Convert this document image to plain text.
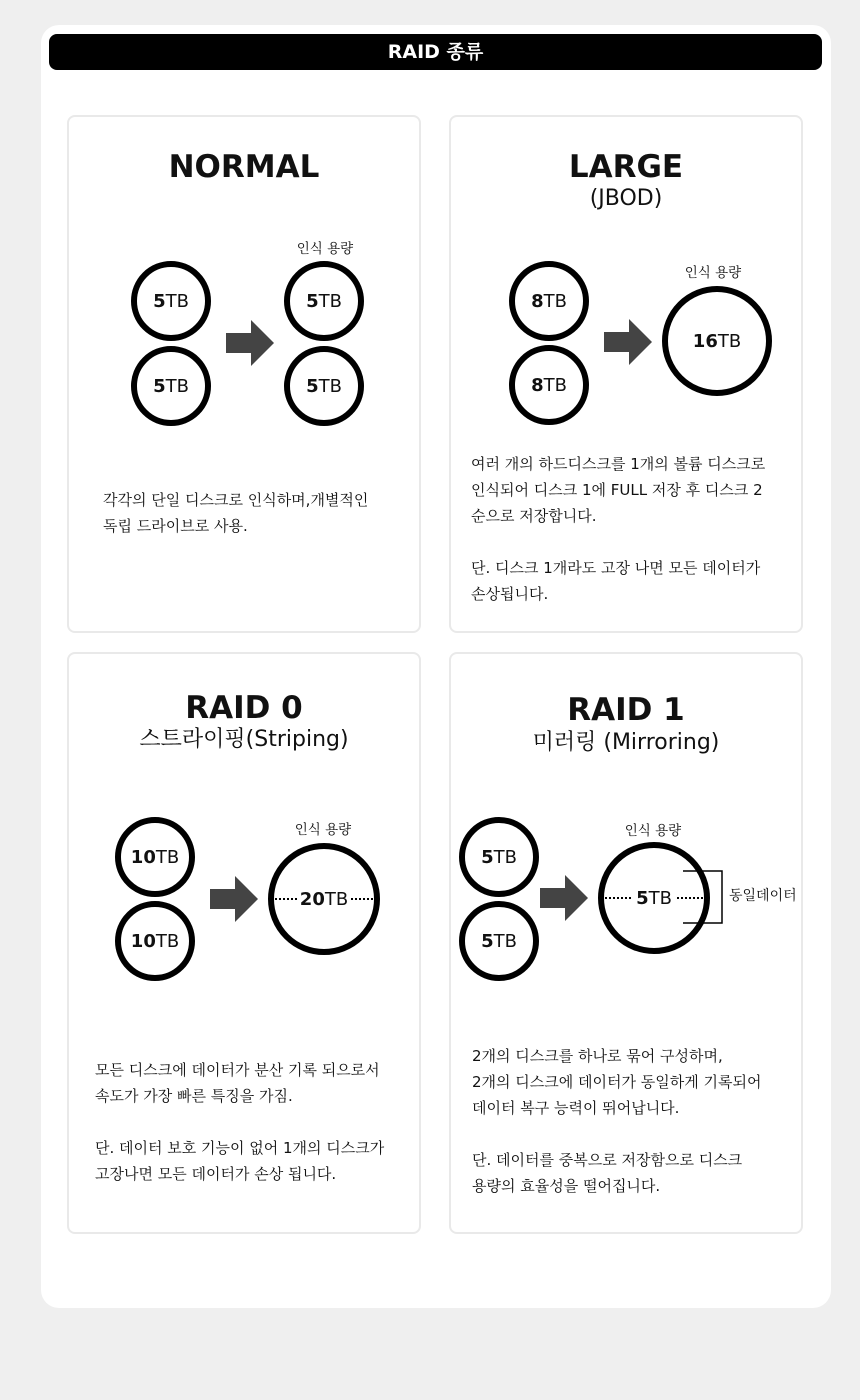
RAID 종류
NORMAL
인식 용량
5 TB
5 TB
5 TB
5 TB
각각의 단일 디스크로 인식하며,개별적인
독립 드라이브로 사용.
LARGE
(JBOD)
인식 용량
8 TB
8 TB
16 TB
여러 개의 하드디스크를 1개의 볼륨 디스크로
인식되어 디스크 1에 FULL 저장 후 디스크 2
순으로 저장합니다.

단. 디스크 1개라도 고장 나면 모든 데이터가
손상됩니다.
RAID 0
스트라이핑(Striping)
인식 용량
10 TB
10 TB
20 TB
모든 디스크에 데이터가 분산 기록 되으로서
속도가 가장 빠른 특징을 가짐.

단. 데이터 보호 기능이 없어 1개의 디스크가
고장나면 모든 데이터가 손상 됩니다.
RAID 1
미러링 (Mirroring)
인식 용량
5 TB
5 TB
5 TB	동일데이터
2개의 디스크를 하나로 묶어 구성하며,
2개의 디스크에 데이터가 동일하게 기록되어
데이터 복구 능력이 뛰어납니다.

단. 데이터를 중복으로 저장함으로 디스크
용량의 효율성을 떨어집니다.
